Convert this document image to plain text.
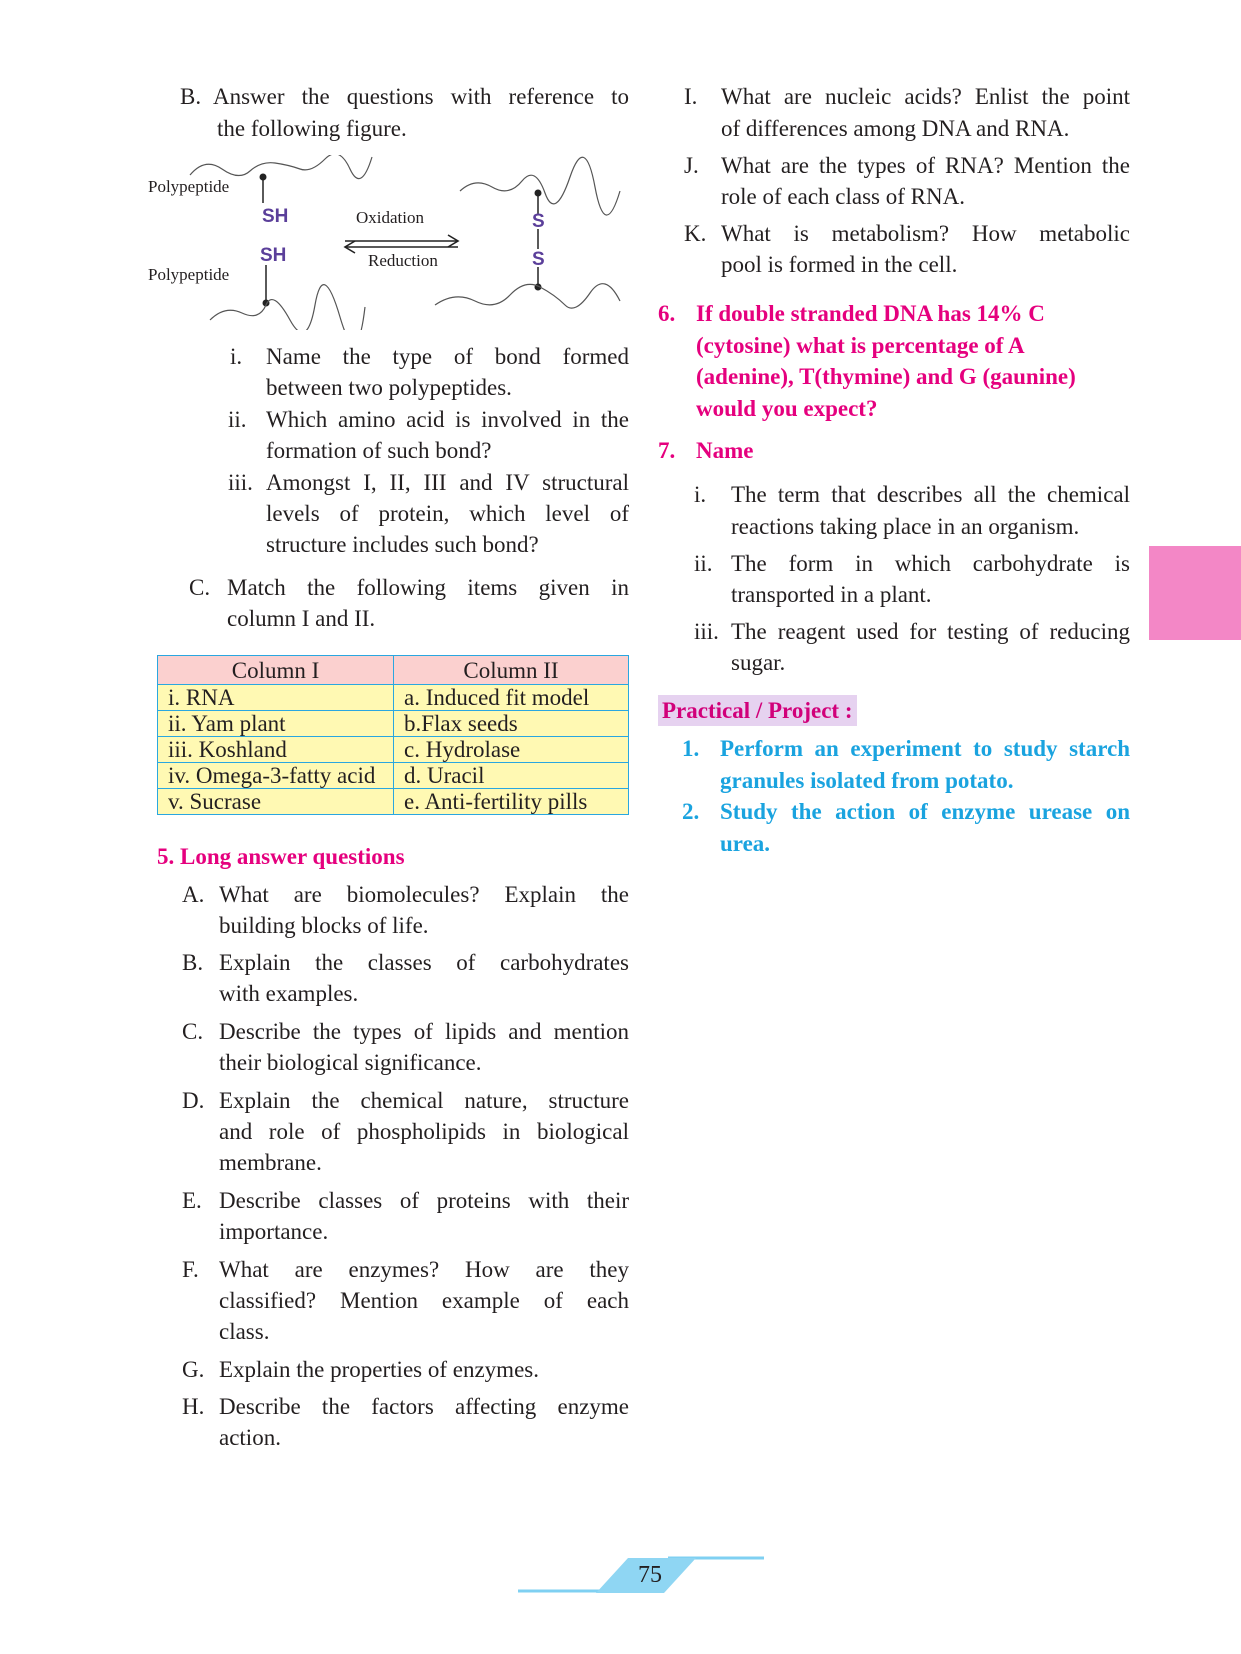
B. Answer the questions with reference to
the following figure.
Polypeptide
Polypeptide
SH
SH
Oxidation
Reduction
S
S
i. Name the type of bond formed
between two polypeptides.
ii. Which amino acid is involved in the
formation of such bond?
iii. Amongst I, II, III and IV structural
levels of protein, which level of
structure includes such bond?
C. Match the following items given in
column I and II.
Column I	Column II
i. RNA	a. Induced fit model
ii. Yam plant	b.Flax seeds
iii. Koshland	c. Hydrolase
iv. Omega-3-fatty acid	d. Uracil
v. Sucrase	e. Anti-fertility pills
5. Long answer questions
A. What are biomolecules? Explain the
building blocks of life.
B. Explain the classes of carbohydrates
with examples.
C. Describe the types of lipids and mention
their biological significance.
D. Explain the chemical nature, structure
and role of phospholipids in biological
membrane.
E. Describe classes of proteins with their
importance.
F. What are enzymes? How are they
classified? Mention example of each
class.
G. Explain the properties of enzymes.
H. Describe the factors affecting enzyme
action.
I. What are nucleic acids? Enlist the point
of differences among DNA and RNA.
J. What are the types of RNA? Mention the
role of each class of RNA.
K. What is metabolism? How metabolic
pool is formed in the cell.
6. If double stranded DNA has 14% C
(cytosine) what is percentage of A
(adenine), T(thymine) and G (gaunine)
would you expect?
7. Name
i. The term that describes all the chemical
reactions taking place in an organism.
ii. The form in which carbohydrate is
transported in a plant.
iii. The reagent used for testing of reducing
sugar.
Practical / Project :
1. Perform an experiment to study starch
granules isolated from potato.
2. Study the action of enzyme urease on
urea.
75
